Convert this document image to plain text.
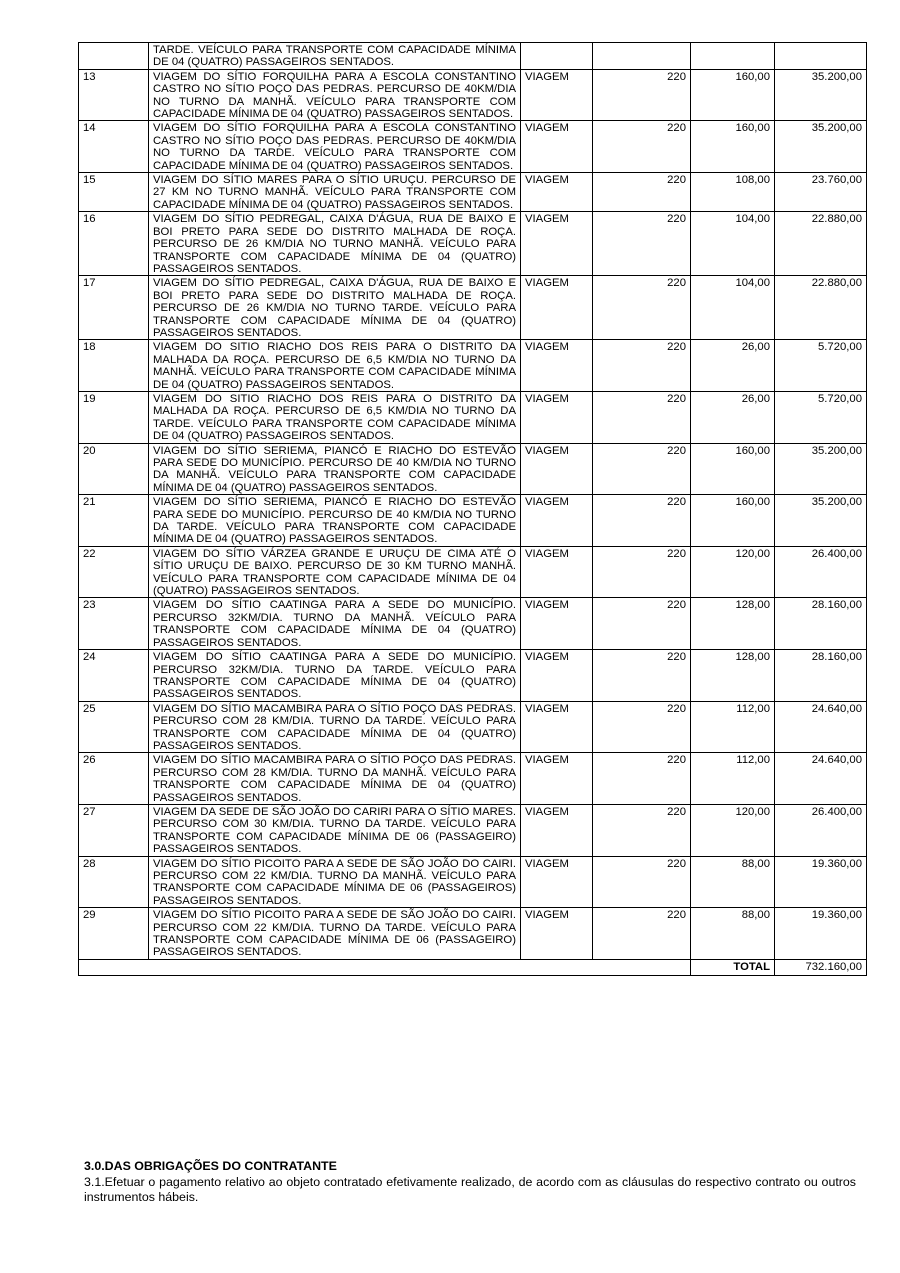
	TARDE. VEÍCULO PARA TRANSPORTE COM CAPACIDADE MÍNIMA DE 04 (QUATRO) PASSAGEIROS SENTADOS.				
13	VIAGEM DO SÍTIO FORQUILHA PARA A ESCOLA CONSTANTINO CASTRO NO SÍTIO POÇO DAS PEDRAS. PERCURSO DE 40KM/DIA NO TURNO DA MANHÃ. VEÍCULO PARA TRANSPORTE COM CAPACIDADE MÍNIMA DE 04 (QUATRO) PASSAGEIROS SENTADOS.	VIAGEM	220	160,00	35.200,00
14	VIAGEM DO SÍTIO FORQUILHA PARA A ESCOLA CONSTANTINO CASTRO NO SÍTIO POÇO DAS PEDRAS. PERCURSO DE 40KM/DIA NO TURNO DA TARDE. VEÍCULO PARA TRANSPORTE COM CAPACIDADE MÍNIMA DE 04 (QUATRO) PASSAGEIROS SENTADOS.	VIAGEM	220	160,00	35.200,00
15	VIAGEM DO SÍTIO MARES PARA O SÍTIO URUÇU. PERCURSO DE 27 KM NO TURNO MANHÃ. VEÍCULO PARA TRANSPORTE COM CAPACIDADE MÍNIMA DE 04 (QUATRO) PASSAGEIROS SENTADOS.	VIAGEM	220	108,00	23.760,00
16	VIAGEM DO SÍTIO PEDREGAL, CAIXA D'ÁGUA, RUA DE BAIXO E BOI PRETO PARA SEDE DO DISTRITO MALHADA DE ROÇA. PERCURSO DE 26 KM/DIA NO TURNO MANHÃ. VEÍCULO PARA TRANSPORTE COM CAPACIDADE MÍNIMA DE 04 (QUATRO) PASSAGEIROS SENTADOS.	VIAGEM	220	104,00	22.880,00
17	VIAGEM DO SÍTIO PEDREGAL, CAIXA D'ÁGUA, RUA DE BAIXO E BOI PRETO PARA SEDE DO DISTRITO MALHADA DE ROÇA. PERCURSO DE 26 KM/DIA NO TURNO TARDE. VEÍCULO PARA TRANSPORTE COM CAPACIDADE MÍNIMA DE 04 (QUATRO) PASSAGEIROS SENTADOS.	VIAGEM	220	104,00	22.880,00
18	VIAGEM DO SITIO RIACHO DOS REIS PARA O DISTRITO DA MALHADA DA ROÇA. PERCURSO DE 6,5 KM/DIA NO TURNO DA MANHÃ. VEÍCULO PARA TRANSPORTE COM CAPACIDADE MÍNIMA DE 04 (QUATRO) PASSAGEIROS SENTADOS.	VIAGEM	220	26,00	5.720,00
19	VIAGEM DO SITIO RIACHO DOS REIS PARA O DISTRITO DA MALHADA DA ROÇA. PERCURSO DE 6,5 KM/DIA NO TURNO DA TARDE. VEÍCULO PARA TRANSPORTE COM CAPACIDADE MÍNIMA DE 04 (QUATRO) PASSAGEIROS SENTADOS.	VIAGEM	220	26,00	5.720,00
20	VIAGEM DO SÍTIO SERIEMA, PIANCÓ E RIACHO DO ESTEVÃO PARA SEDE DO MUNICÍPIO. PERCURSO DE 40 KM/DIA NO TURNO DA MANHÃ. VEÍCULO PARA TRANSPORTE COM CAPACIDADE MÍNIMA DE 04 (QUATRO) PASSAGEIROS SENTADOS.	VIAGEM	220	160,00	35.200,00
21	VIAGEM DO SÍTIO SERIEMA, PIANCÓ E RIACHO DO ESTEVÃO PARA SEDE DO MUNICÍPIO. PERCURSO DE 40 KM/DIA NO TURNO DA TARDE. VEÍCULO PARA TRANSPORTE COM CAPACIDADE MÍNIMA DE 04 (QUATRO) PASSAGEIROS SENTADOS.	VIAGEM	220	160,00	35.200,00
22	VIAGEM DO SÍTIO VÁRZEA GRANDE E URUÇU DE CIMA ATÉ O SÍTIO URUÇU DE BAIXO. PERCURSO DE 30 KM TURNO MANHÃ. VEÍCULO PARA TRANSPORTE COM CAPACIDADE MÍNIMA DE 04 (QUATRO) PASSAGEIROS SENTADOS.	VIAGEM	220	120,00	26.400,00
23	VIAGEM DO SÍTIO CAATINGA PARA A SEDE DO MUNICÍPIO. PERCURSO 32KM/DIA. TURNO DA MANHÃ. VEÍCULO PARA TRANSPORTE COM CAPACIDADE MÍNIMA DE 04 (QUATRO) PASSAGEIROS SENTADOS.	VIAGEM	220	128,00	28.160,00
24	VIAGEM DO SÍTIO CAATINGA PARA A SEDE DO MUNICÍPIO. PERCURSO 32KM/DIA. TURNO DA TARDE. VEÍCULO PARA TRANSPORTE COM CAPACIDADE MÍNIMA DE 04 (QUATRO) PASSAGEIROS SENTADOS.	VIAGEM	220	128,00	28.160,00
25	VIAGEM DO SÍTIO MACAMBIRA PARA O SÍTIO POÇO DAS PEDRAS. PERCURSO COM 28 KM/DIA. TURNO DA TARDE. VEÍCULO PARA TRANSPORTE COM CAPACIDADE MÍNIMA DE 04 (QUATRO) PASSAGEIROS SENTADOS.	VIAGEM	220	112,00	24.640,00
26	VIAGEM DO SÍTIO MACAMBIRA PARA O SÍTIO POÇO DAS PEDRAS. PERCURSO COM 28 KM/DIA. TURNO DA MANHÃ. VEÍCULO PARA TRANSPORTE COM CAPACIDADE MÍNIMA DE 04 (QUATRO) PASSAGEIROS SENTADOS.	VIAGEM	220	112,00	24.640,00
27	VIAGEM DA SEDE DE SÃO JOÃO DO CARIRI PARA O SÍTIO MARES. PERCURSO COM 30 KM/DIA. TURNO DA TARDE. VEÍCULO PARA TRANSPORTE COM CAPACIDADE MÍNIMA DE 06 (PASSAGEIRO) PASSAGEIROS SENTADOS.	VIAGEM	220	120,00	26.400,00
28	VIAGEM DO SÍTIO PICOITO PARA A SEDE DE SÃO JOÃO DO CAIRI. PERCURSO COM 22 KM/DIA. TURNO DA MANHÃ. VEÍCULO PARA TRANSPORTE COM CAPACIDADE MÍNIMA DE 06 (PASSAGEIROS) PASSAGEIROS SENTADOS.	VIAGEM	220	88,00	19.360,00
29	VIAGEM DO SÍTIO PICOITO PARA A SEDE DE SÃO JOÃO DO CAIRI. PERCURSO COM 22 KM/DIA. TURNO DA TARDE. VEÍCULO PARA TRANSPORTE COM CAPACIDADE MÍNIMA DE 06 (PASSAGEIRO) PASSAGEIROS SENTADOS.	VIAGEM	220	88,00	19.360,00
				TOTAL	732.160,00
3.0.DAS OBRIGAÇÕES DO CONTRATANTE
3.1.Efetuar o pagamento relativo ao objeto contratado efetivamente realizado, de acordo com as cláusulas do respectivo contrato ou outros instrumentos hábeis.
